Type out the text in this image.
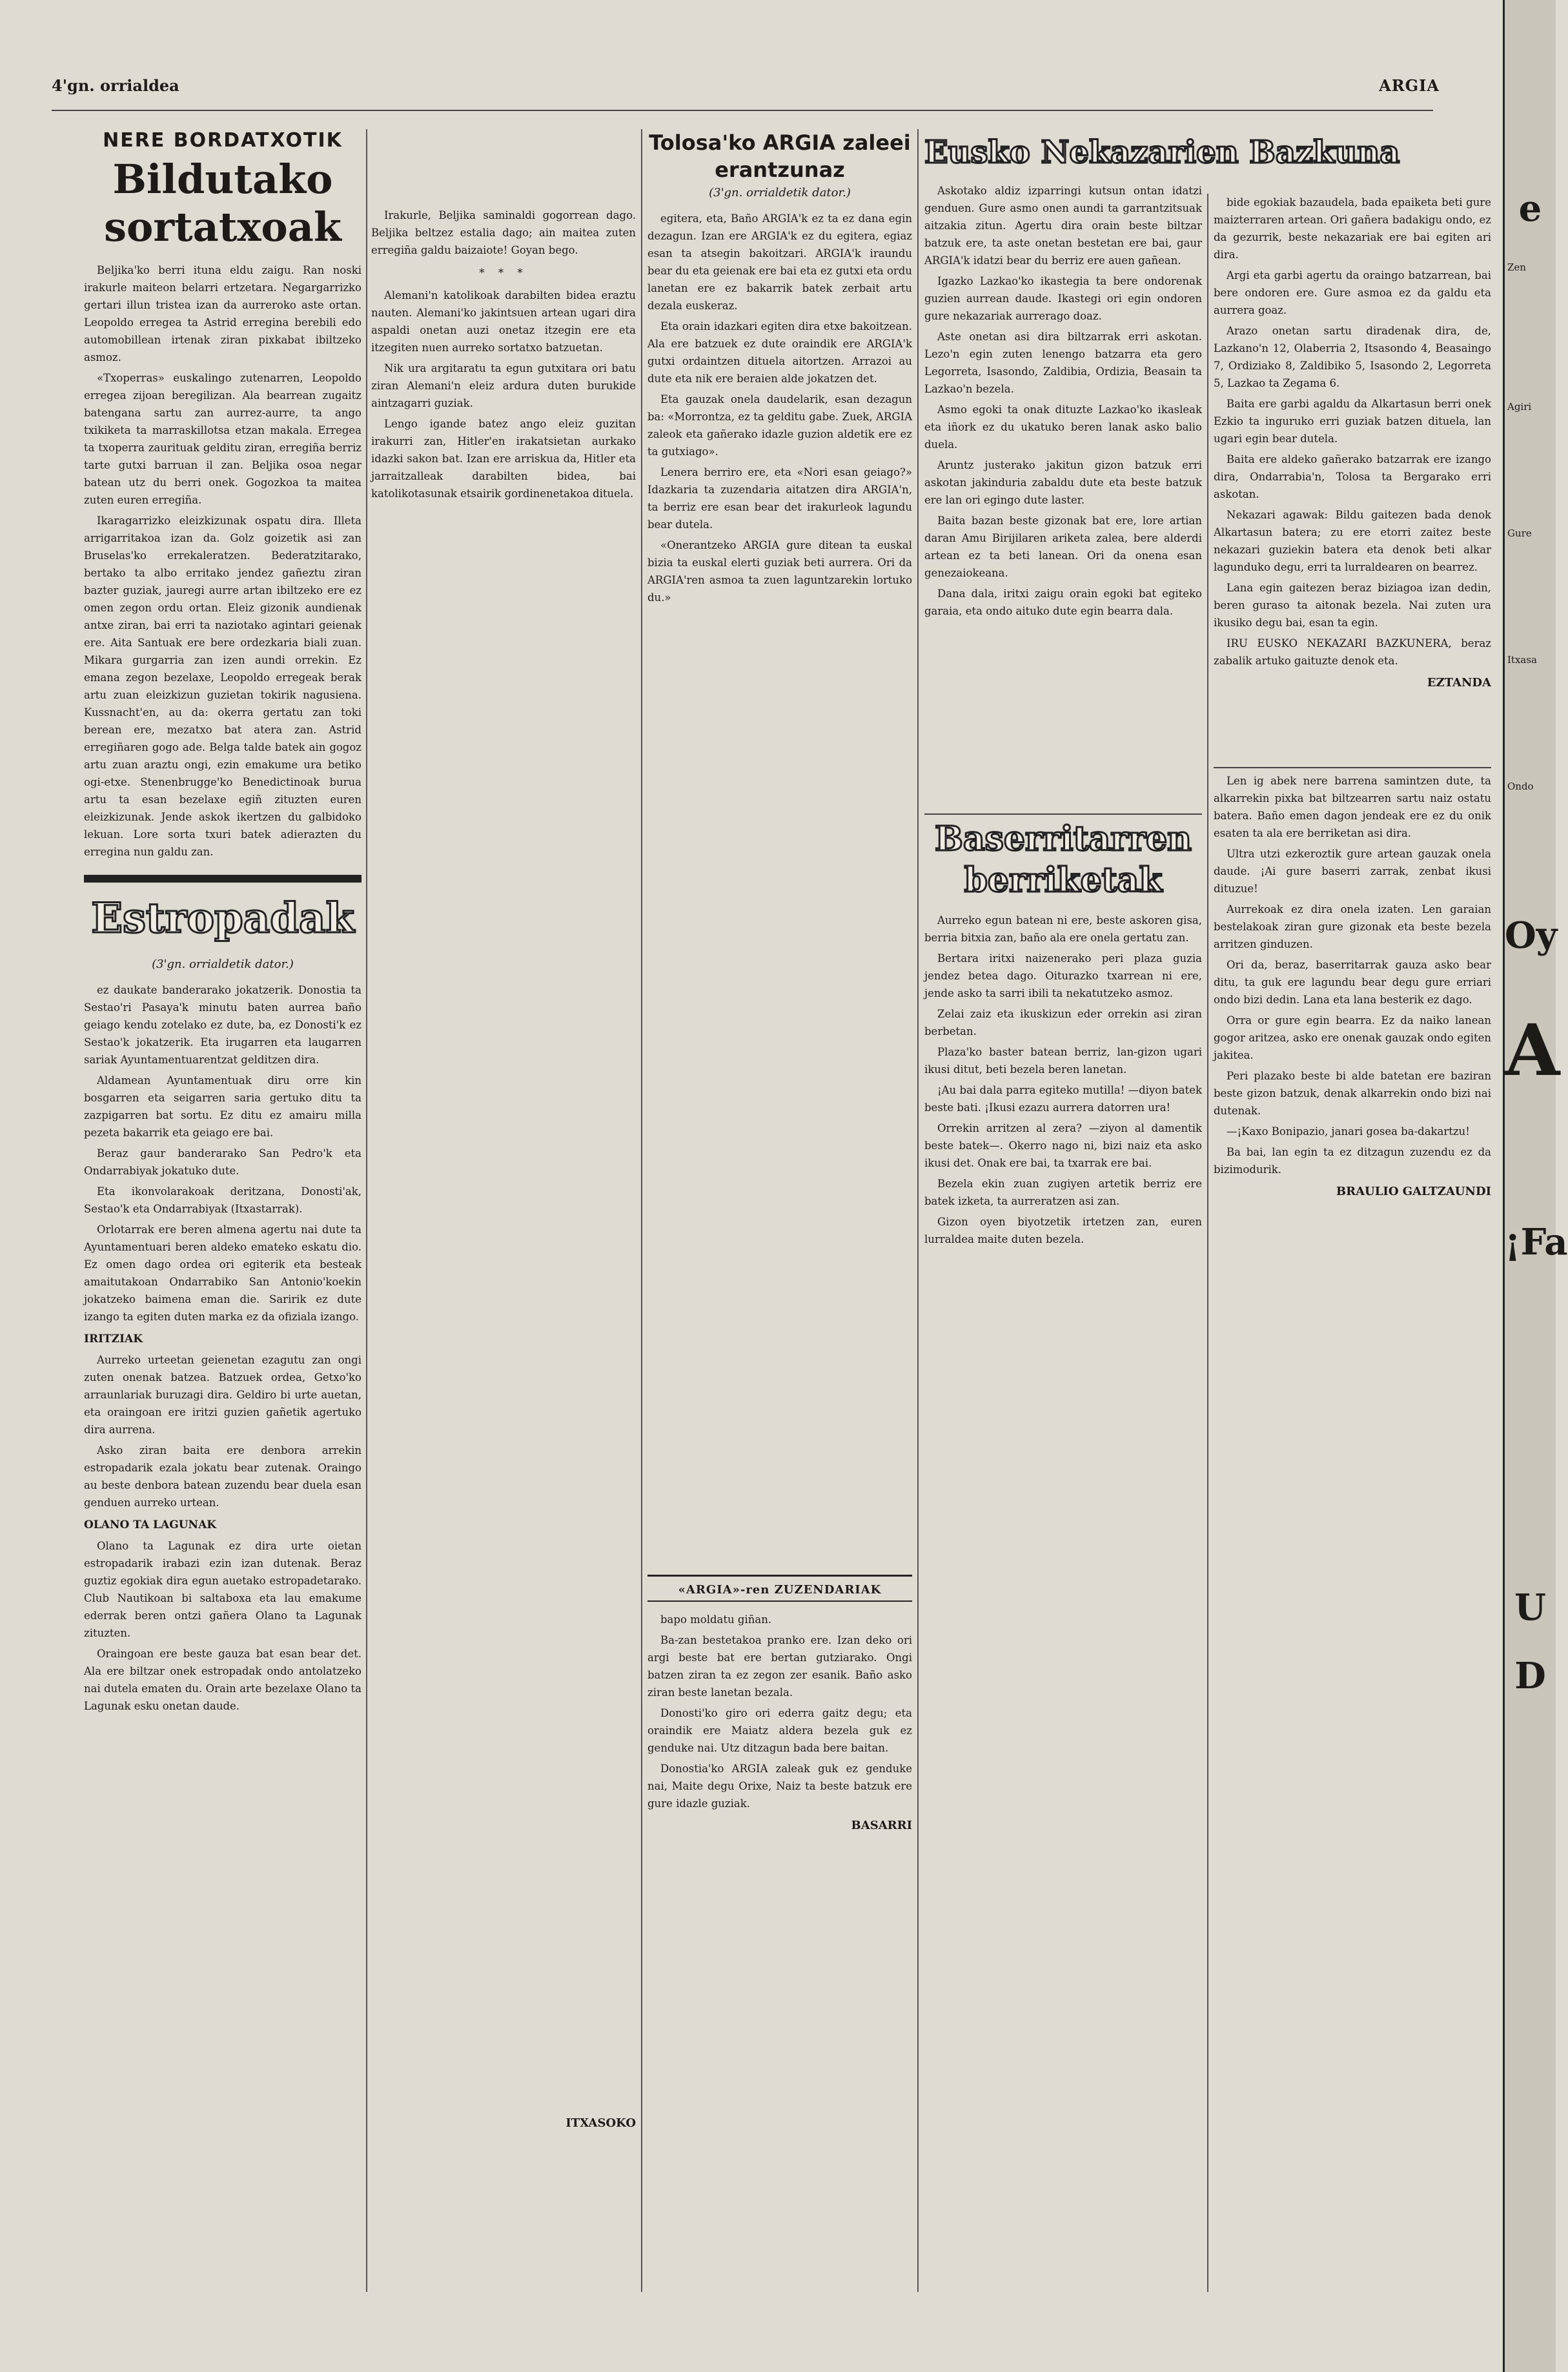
4'gn. orrialdea	ARGIA
NERE BORDATXOTIK
Bildutako sortatxoak

Beljika'ko berri ituna eldu zaigu. Ran noski irakurle maiteon belarri ertzetara. Negargarrizko gertari illun tristea izan da aurreroko aste ortan. Leopoldo erregea ta Astrid erregina berebili edo automobillean irtenak ziran pixkabat ibiltzeko asmoz.

«Txoperras» euskalingo zutenarren, Leopoldo erregea zijoan beregilizan. Ala bearrean zugaitz batengana sartu zan aurrez-aurre, ta ango txikiketa ta marraskillotsa etzan makala. Erregea ta txoperra zaurituak gelditu ziran, erregiña berriz tarte gutxi barruan il zan. Beljika osoa negar batean utz du berri onek. Gogozkoa ta maitea zuten euren erregiña.

Ikaragarrizko eleizkizunak ospatu dira. Illeta arrigarritakoa izan da. Golz goizetik asi zan Bruselas'ko errekaleratzen. Bederatzitarako, bertako ta albo erritako jendez gañeztu ziran bazter guziak, jauregi aurre artan ibiltzeko ere ez omen zegon ordu ortan. Eleiz gizonik aundienak antxe ziran, bai erri ta naziotako agintari geienak ere. Aita Santuak ere bere ordezkaria biali zuan. Mikara gurgarria zan izen aundi orrekin. Ez emana zegon bezelaxe, Leopoldo erregeak berak artu zuan eleizkizun guzietan tokirik nagusiena. Kussnacht'en, au da: okerra gertatu zan toki berean ere, mezatxo bat atera zan. Astrid erregiñaren gogo ade. Belga talde batek ain gogoz artu zuan araztu ongi, ezin emakume ura betiko ogi-etxe. Stenenbrugge'ko Benedictinoak burua artu ta esan bezelaxe egiñ zituzten euren eleizkizunak. Jende askok ikertzen du galbidoko lekuan. Lore sorta txuri batek adierazten du erregina nun galdu zan.

Estropadak
(3'gn. orrialdetik dator.)

ez daukate banderarako jokatzerik. Donostia ta Sestao'ri Pasaya'k minutu baten aurrea baño geiago kendu zotelako ez dute, ba, ez Donosti'k ez Sestao'k jokatzerik. Eta irugarren eta laugarren sariak Ayuntamentuarentzat gelditzen dira.

Aldamean Ayuntamentuak diru orre kin bosgarren eta seigarren saria gertuko ditu ta zazpigarren bat sortu. Ez ditu ez amairu milla pezeta bakarrik eta geiago ere bai.

Beraz gaur banderarako San Pedro'k eta Ondarrabiyak jokatuko dute.

Eta ikonvolarakoak deritzana, Donosti'ak, Sestao'k eta Ondarrabiyak (Itxastarrak).

Orlotarrak ere beren almena agertu nai dute ta Ayuntamentuari beren aldeko emateko eskatu dio. Ez omen dago ordea ori egiterik eta besteak amaitutakoan Ondarrabiko San Antonio'koekin jokatzeko baimena eman die. Saririk ez dute izango ta egiten duten marka ez da ofiziala izango.

IRITZIAK

Aurreko urteetan geienetan ezagutu zan ongi zuten onenak batzea. Batzuek ordea, Getxo'ko arraunlariak buruzagi dira. Geldiro bi urte auetan, eta oraingoan ere iritzi guzien gañetik agertuko dira aurrena.

Asko ziran baita ere denbora arrekin estropadarik ezala jokatu bear zutenak. Oraingo au beste denbora batean zuzendu bear duela esan genduen aurreko urtean.

OLANO TA LAGUNAK

Olano ta Lagunak ez dira urte oietan estropadarik irabazi ezin izan dutenak. Beraz guztiz egokiak dira egun auetako estropadetarako. Club Nautikoan bi saltaboxa eta lau emakume ederrak beren ontzi gañera Olano ta Lagunak zituzten.

Oraingoan ere beste gauza bat esan bear det. Ala ere biltzar onek estropadak ondo antolatzeko nai dutela ematen du. Orain arte bezelaxe Olano ta Lagunak esku onetan daude.

Irakurle, Beljika saminaldi gogorrean dago. Beljika beltzez estalia dago; ain maitea zuten erregiña galdu baizaiote! Goyan bego.

* * *

Alemani'n katolikoak darabilten bidea eraztu nauten. Alemani'ko jakintsuen artean ugari dira aspaldi onetan auzi onetaz itzegin ere eta itzegiten nuen aurreko sortatxo batzuetan.

Nik ura argitaratu ta egun gutxitara ori batu ziran Alemani'n eleiz ardura duten burukide aintzagarri guziak.

Lengo igande batez ango eleiz guzitan irakurri zan, Hitler'en irakatsietan aurkako idazki sakon bat. Izan ere arriskua da, Hitler eta jarraitzalleak darabilten bidea, bai katolikotasunak etsairik gordinenetakoa dituela.

ITXASOKO
Tolosa'ko ARGIA zaleei erantzunaz
(3'gn. orrialdetik dator.)

egitera, eta, Baño ARGIA'k ez ta ez dana egin dezagun. Izan ere ARGIA'k ez du egitera, egiaz esan ta atsegin bakoitzari. ARGIA'k iraundu bear du eta geienak ere bai eta ez gutxi eta ordu lanetan ere ez bakarrik batek zerbait artu dezala euskeraz.

Eta orain idazkari egiten dira etxe bakoitzean. Ala ere batzuek ez dute oraindik ere ARGIA'k gutxi ordaintzen dituela aitortzen. Arrazoi au dute eta nik ere beraien alde jokatzen det.

Eta gauzak onela daudelarik, esan dezagun ba: «Morrontza, ez ta gelditu gabe. Zuek, ARGIA zaleok eta gañerako idazle guzion aldetik ere ez ta gutxiago».

Lenera berriro ere, eta «Nori esan geiago?» Idazkaria ta zuzendaria aitatzen dira ARGIA'n, ta berriz ere esan bear det irakurleok lagundu bear dutela.

«Onerantzeko ARGIA gure ditean ta euskal bizia ta euskal elerti guziak beti aurrera. Ori da ARGIA'ren asmoa ta zuen laguntzarekin lortuko du.»

«ARGIA»-ren ZUZENDARIAK

bapo moldatu giñan.

Ba-zan bestetakoa pranko ere. Izan deko ori argi beste bat ere bertan gutziarako. Ongi batzen ziran ta ez zegon zer esanik. Baño asko ziran beste lanetan bezala.

Donosti'ko giro ori ederra gaitz degu; eta oraindik ere Maiatz aldera bezela guk ez genduke nai. Utz ditzagun bada bere baitan.

Donostia'ko ARGIA zaleak guk ez genduke nai, Maite degu Orixe, Naiz ta beste batzuk ere gure idazle guziak.

BASARRI
Eusko Nekazarien Bazkuna

Askotako aldiz izparringi kutsun ontan idatzi genduen. Gure asmo onen aundi ta garrantzitsuak aitzakia zitun. Agertu dira orain beste biltzar batzuk ere, ta aste onetan bestetan ere bai, gaur ARGIA'k idatzi bear du berriz ere auen gañean.

Igazko Lazkao'ko ikastegia ta bere ondorenak guzien aurrean daude. Ikastegi ori egin ondoren gure nekazariak aurrerago doaz.

Aste onetan asi dira biltzarrak erri askotan. Lezo'n egin zuten lenengo batzarra eta gero Legorreta, Isasondo, Zaldibia, Ordizia, Beasain ta Lazkao'n bezela.

Asmo egoki ta onak dituzte Lazkao'ko ikasleak eta iñork ez du ukatuko beren lanak asko balio duela.

Aruntz justerako jakitun gizon batzuk erri askotan jakinduria zabaldu dute eta beste batzuk ere lan ori egingo dute laster.

Baita bazan beste gizonak bat ere, lore artian daran Amu Birijilaren ariketa zalea, bere alderdi artean ez ta beti lanean. Ori da onena esan genezaiokeana.

Dana dala, iritxi zaigu orain egoki bat egiteko garaia, eta ondo aituko dute egin bearra dala.

Baserritarren berriketak

Aurreko egun batean ni ere, beste askoren gisa, berria bitxia zan, baño ala ere onela gertatu zan.

Bertara iritxi naizenerako peri plaza guzia jendez betea dago. Oiturazko txarrean ni ere, jende asko ta sarri ibili ta nekatutzeko asmoz.

Zelai zaiz eta ikuskizun eder orrekin asi ziran berbetan.

Plaza'ko baster batean berriz, lan-gizon ugari ikusi ditut, beti bezela beren lanetan.

¡Au bai dala parra egiteko mutilla! —diyon batek beste bati. ¡Ikusi ezazu aurrera datorren ura!

Orrekin arritzen al zera? —ziyon al damentik beste batek—. Okerro nago ni, bizi naiz eta asko ikusi det. Onak ere bai, ta txarrak ere bai.

Bezela ekin zuan zugiyen artetik berriz ere batek izketa, ta aurreratzen asi zan.

Gizon oyen biyotzetik irtetzen zan, euren lurraldea maite duten bezela.

bide egokiak bazaudela, bada epaiketa beti gure maizterraren artean. Ori gañera badakigu ondo, ez da gezurrik, beste nekazariak ere bai egiten ari dira.

Argi eta garbi agertu da oraingo batzarrean, bai bere ondoren ere. Gure asmoa ez da galdu eta aurrera goaz.

Arazo onetan sartu diradenak dira, de, Lazkano'n 12, Olaberria 2, Itsasondo 4, Beasaingo 7, Ordiziako 8, Zaldibiko 5, Isasondo 2, Legorreta 5, Lazkao ta Zegama 6.

Baita ere garbi agaldu da Alkartasun berri onek Ezkio ta inguruko erri guziak batzen dituela, lan ugari egin bear dutela.

Baita ere aldeko gañerako batzarrak ere izango dira, Ondarrabia'n, Tolosa ta Bergarako erri askotan.

Nekazari agawak: Bildu gaitezen bada denok Alkartasun batera; zu ere etorri zaitez beste nekazari guziekin batera eta denok beti alkar lagunduko degu, erri ta lurraldearen on bearrez.

Lana egin gaitezen beraz biziagoa izan dedin, beren guraso ta aitonak bezela. Nai zuten ura ikusiko degu bai, esan ta egin.

IRU EUSKO NEKAZARI BAZKUNERA, beraz zabalik artuko gaituzte denok eta.

EZTANDA

Len ig abek nere barrena samintzen dute, ta alkarrekin pixka bat biltzearren sartu naiz ostatu batera. Baño emen dagon jendeak ere ez du onik esaten ta ala ere berriketan asi dira.

Ultra utzi ezkeroztik gure artean gauzak onela daude. ¡Ai gure baserri zarrak, zenbat ikusi dituzue!

Aurrekoak ez dira onela izaten. Len garaian bestelakoak ziran gure gizonak eta beste bezela arritzen ginduzen.

Ori da, beraz, baserritarrak gauza asko bear ditu, ta guk ere lagundu bear degu gure erriari ondo bizi dedin. Lana eta lana besterik ez dago.

Orra or gure egin bearra. Ez da naiko lanean gogor aritzea, asko ere onenak gauzak ondo egiten jakitea.

Peri plazako beste bi alde batetan ere baziran beste gizon batzuk, denak alkarrekin ondo bizi nai dutenak.

—¡Kaxo Bonipazio, janari gosea ba-dakartzu!

Ba bai, lan egin ta ez ditzagun zuzendu ez da bizimodurik.

BRAULIO GALTZAUNDI
e
Zen
Agiri
Gure
Itxasa
Ondo
Oy
A
¡Fa
U
D
